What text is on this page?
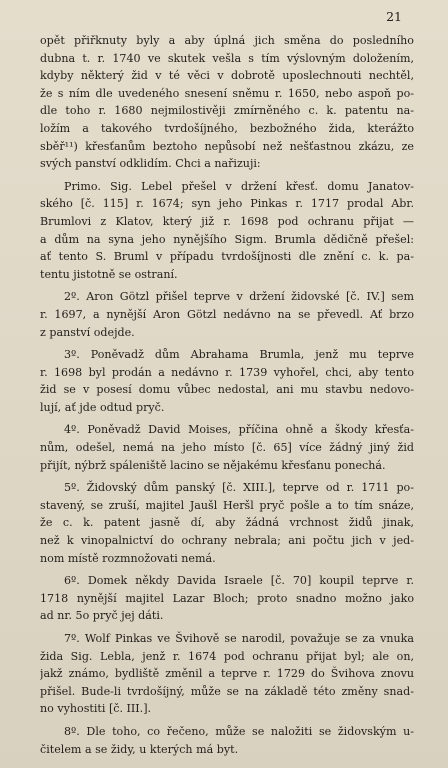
21
opět přiřknuty byly a aby úplná jich směna do posledního
dubna t. r. 1740 ve skutek vešla s tím výslovným doložením,
kdyby některý žid v té věci v dobrotě uposlechnouti nechtěl,
že s ním dle uvedeného snesení sněmu r. 1650, nebo aspoň po-
dle toho r. 1680 nejmilostivěji zmírněného c. k. patentu na-
ložím a takového tvrdošíjného, bezbožného žida, kterážto
sběř¹¹) křesťanům beztoho nepůsobí než nešťastnou zkázu, ze
svých panství odklidím. Chci a nařizuji:
Primo. Sig. Lebel přešel v držení křesť. domu Janatov-
ského [č. 115] r. 1674; syn jeho Pinkas r. 1717 prodal Abr.
Brumlovi z Klatov, který již r. 1698 pod ochranu přijat —
a dům na syna jeho nynějšího Sigm. Brumla dědičně přešel:
ať tento S. Bruml v případu tvrdošíjnosti dle znění c. k. pa-
tentu jistotně se ostraní.
2º. Aron Götzl přišel teprve v držení židovské [č. IV.] sem
r. 1697, a nynější Aron Götzl nedávno na se převedl. Ať brzo
z panství odejde.
3º. Poněvadž dům Abrahama Brumla, jenž mu teprve
r. 1698 byl prodán a nedávno r. 1739 vyhořel, chci, aby tento
žid se v posesí domu vůbec nedostal, ani mu stavbu nedovo-
lují, ať jde odtud pryč.
4º. Poněvadž David Moises, příčina ohně a škody křesťa-
nům, odešel, nemá na jeho místo [č. 65] více žádný jiný žid
přijít, nýbrž spáleniště lacino se nějakému křesťanu ponechá.
5º. Židovský dům panský [č. XIII.], teprve od r. 1711 po-
stavený, se zruší, majitel Jaušl Heršl pryč pošle a to tím snáze,
že c. k. patent jasně dí, aby žádná vrchnost židů jinak,
než k vinopalnictví do ochrany nebrala; ani počtu jich v jed-
nom místě rozmnožovati nemá.
6º. Domek někdy Davida Israele [č. 70] koupil teprve r.
1718 nynější majitel Lazar Bloch; proto snadno možno jako
ad nr. 5o pryč jej dáti.
7º. Wolf Pinkas ve Švihově se narodil, považuje se za vnuka
žida Sig. Lebla, jenž r. 1674 pod ochranu přijat byl; ale on,
jakž známo, bydliště změnil a teprve r. 1729 do Švihova znovu
přišel. Bude-li tvrdošíjný, může se na základě této změny snad-
no vyhostiti [č. III.].
8º. Dle toho, co řečeno, může se naložiti se židovským u-
čitelem a se židy, u kterých má byt.
